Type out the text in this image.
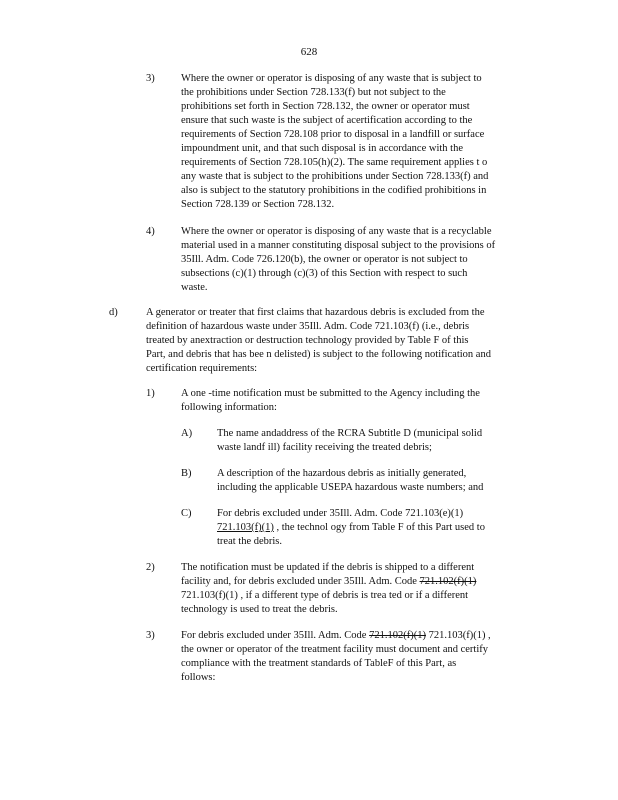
628
3)	Where the owner or operator is disposing of any waste that is subject to
the prohibitions under Section 728.133(f) but not subject to the
prohibitions set forth in Section 728.132, the owner or operator must
ensure that such waste is the subject of acertification according to the
requirements of Section 728.108 prior to disposal in a landfill or surface
impoundment unit, and that such disposal is in accordance with the
requirements of Section 728.105(h)(2). The same requirement applies t o
any waste that is subject to the prohibitions under Section 728.133(f) and
also is subject to the statutory prohibitions in the codified prohibitions in
Section 728.139 or Section 728.132.
4)	Where the owner or operator is disposing of any waste that is a recyclable
material used in a manner constituting disposal subject to the provisions of
35Ill. Adm. Code 726.120(b), the owner or operator is not subject to
subsections (c)(1) through (c)(3) of this Section with respect to such
waste.
d)	A generator or treater that first claims that hazardous debris is excluded from the
definition of hazardous waste under 35Ill. Adm. Code 721.103(f) (i.e., debris
treated by anextraction or destruction technology provided by Table F of this
Part, and debris that has bee n delisted) is subject to the following notification and
certification requirements:
1)	A one -time notification must be submitted to the Agency including the
following information:
A) The name andaddress of the RCRA Subtitle D (municipal solid
waste landf ill) facility receiving the treated debris;
B) A description of the hazardous debris as initially generated,
including the applicable USEPA hazardous waste numbers; and
C) For debris excluded under 35Ill. Adm. Code 721.103(e)(1)
721.103(f)(1) , the technol ogy from Table F of this Part used to
treat the debris.
2)	The notification must be updated if the debris is shipped to a different
facility and, for debris excluded under 35Ill. Adm. Code 721.102(f)(1)
721.103(f)(1) , if a different type of debris is trea ted or if a different
technology is used to treat the debris.
3)	For debris excluded under 35Ill. Adm. Code 721.102(f)(1) 721.103(f)(1) ,
the owner or operator of the treatment facility must document and certify
compliance with the treatment standards of TableF of this Part, as
follows:
